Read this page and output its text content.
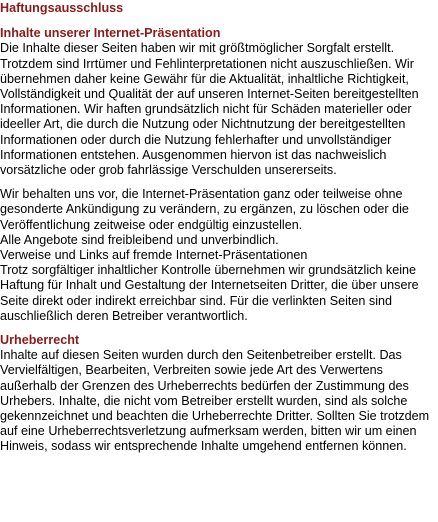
Haftungsausschluss
Inhalte unserer Internet-Präsentation

Die Inhalte dieser Seiten haben wir mit größtmöglicher Sorgfalt erstellt. Trotzdem sind Irrtümer und Fehlinterpretationen nicht auszuschließen. Wir übernehmen daher keine Gewähr für die Aktualität, inhaltliche Richtigkeit, Vollständigkeit und Qualität der auf unseren Internet-Seiten bereitgestellten Informationen. Wir haften grundsätzlich nicht für Schäden materieller oder ideeller Art, die durch die Nutzung oder Nichtnutzung der bereitgestellten Informationen oder durch die Nutzung fehlerhafter und unvollständiger Informationen entstehen. Ausgenommen hiervon ist das nachweislich vorsätzliche oder grob fahrlässige Verschulden unsererseits.

Wir behalten uns vor, die Internet-Präsentation ganz oder teilweise ohne gesonderte Ankündigung zu verändern, zu ergänzen, zu löschen oder die Veröffentlichung zeitweise oder endgültig einzustellen.

Alle Angebote sind freibleibend und unverbindlich.
Verweise und Links auf fremde Internet-Präsentationen

Trotz sorgfältiger inhaltlicher Kontrolle übernehmen wir grundsätzlich keine Haftung für Inhalt und Gestaltung der Internetseiten Dritter, die über unsere Seite direkt oder indirekt erreichbar sind. Für die verlinkten Seiten sind auschließlich deren Betreiber verantwortlich.

Urheberrecht

Inhalte auf diesen Seiten wurden durch den Seitenbetreiber erstellt. Das Vervielfältigen, Bearbeiten, Verbreiten sowie jede Art des Verwertens außerhalb der Grenzen des Urheberrechts bedürfen der Zustimmung des Urhebers. Inhalte, die nicht vom Betreiber erstellt wurden, sind als solche gekennzeichnet und beachten die Urheberrechte Dritter. Sollten Sie trotzdem auf eine Urheberrechtsverletzung aufmerksam werden, bitten wir um einen Hinweis, sodass wir entsprechende Inhalte umgehend entfernen können.
